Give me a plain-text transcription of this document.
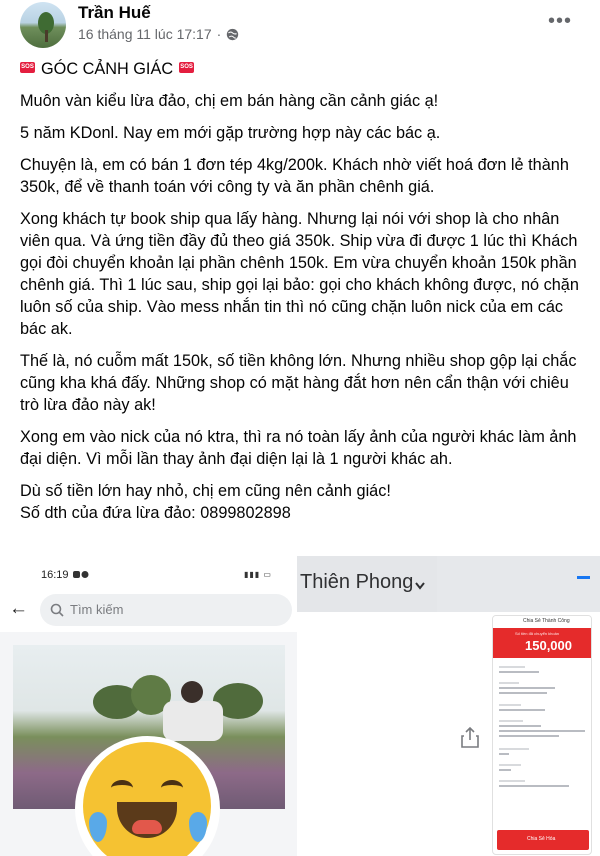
Trần Huế
16 tháng 11 lúc 17:17 ·
•••

SOS GÓC CẢNH GIÁC SOS

Muôn vàn kiểu lừa đảo, chị em bán hàng cần cảnh giác ạ!

5 năm KDonl. Nay em mới gặp trường hợp này các bác ạ.

Chuyện là, em có bán 1 đơn tép 4kg/200k. Khách nhờ viết hoá đơn lẻ thành 350k, để về thanh toán với công ty và ăn phần chênh giá.

Xong khách tự book ship qua lấy hàng. Nhưng lại nói với shop là cho nhân viên qua. Và ứng tiền đầy đủ theo giá 350k. Ship vừa đi được 1 lúc thì Khách gọi đòi chuyển khoản lại phần chênh 150k. Em vừa chuyển khoản 150k phần chênh giá. Thì 1 lúc sau, ship gọi lại bảo: gọi cho khách không được, nó chặn luôn số của ship. Vào mess nhắn tin thì nó cũng chặn luôn nick của em các bác ak.

Thế là, nó cuỗm mất 150k, số tiền không lớn. Nhưng nhiều shop gộp lại chắc cũng kha khá đấy. Những shop có mặt hàng đắt hơn nên cẩn thận với chiêu trò lừa đảo này ak!

Xong em vào nick của nó ktra, thì ra nó toàn lấy ảnh của người khác làm ảnh đại diện. Vì mỗi lần thay ảnh đại diện lại là 1 người khác ah.

Dù số tiền lớn hay nhỏ, chị em cũng nên cảnh giác!

Số dth của đứa lừa đảo: 0899802898

16:19	▮▮▮ ▭
←	Tìm kiếm
Thiên Phong
Chia Sẻ Thành Công
Số tiền đã chuyển khoản
150,000
Chia Sẻ Hóa
